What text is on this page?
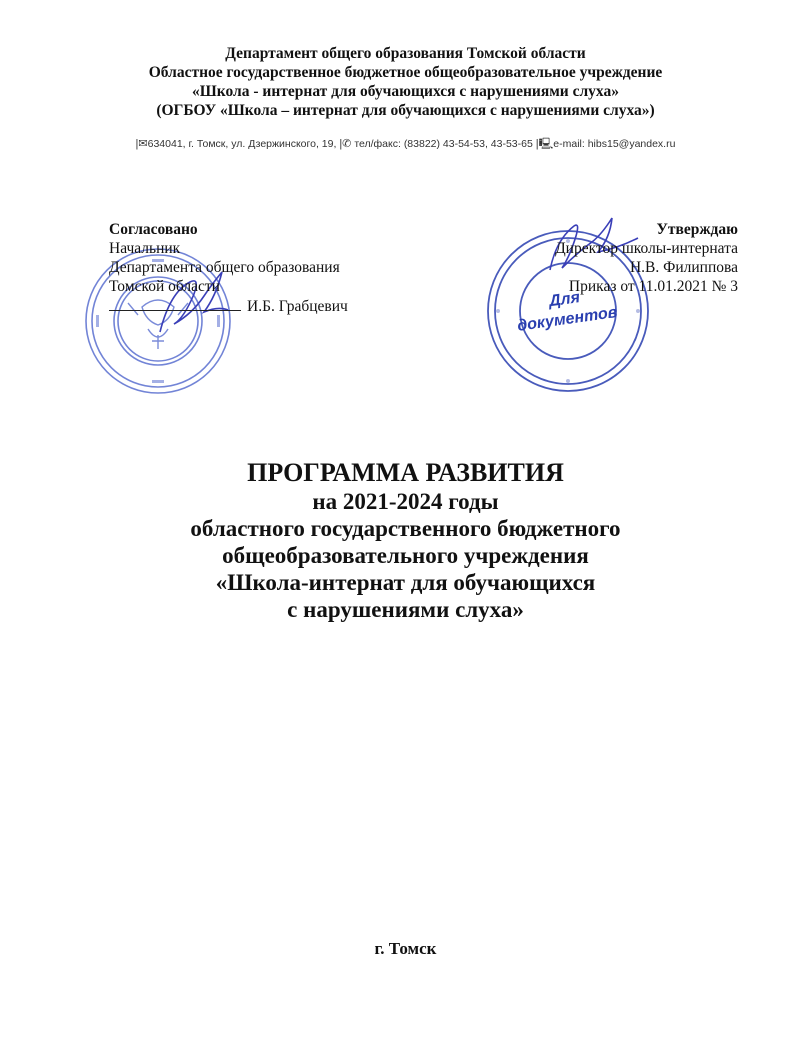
Департамент общего образования Томской области
Областное государственное бюджетное общеобразовательное учреждение
«Школа - интернат для обучающихся с нарушениями слуха»
(ОГБОУ «Школа – интернат для обучающихся с нарушениями слуха»)
|✉634041, г. Томск, ул. Дзержинского, 19, |✆ тел/факс: (83822) 43-54-53, 43-53-65 |🖳e-mail: hibs15@yandex.ru
Согласовано
Начальник
Департамента общего образования
Томской области
И.Б. Грабцевич	Для
документов
Утверждаю
Директор школы-интерната
Н.В. Филиппова
Приказ от 11.01.2021 № 3
ПРОГРАММА РАЗВИТИЯ
на 2021-2024 годы
областного государственного бюджетного
общеобразовательного учреждения
«Школа-интернат для обучающихся
с нарушениями слуха»
г. Томск
